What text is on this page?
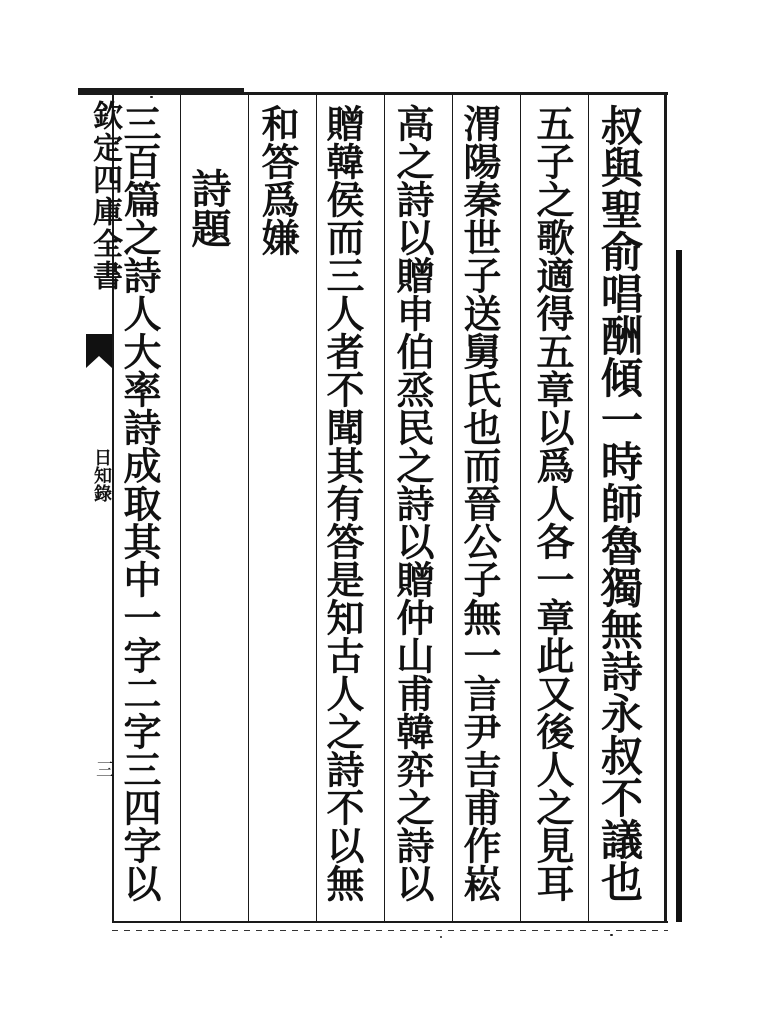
欽定四庫全書
日知錄
三	叔與聖俞唱酬傾一時師魯獨無詩永叔不議也
五子之歌適得五章以爲人各一章此又後人之見耳
渭陽秦世子送舅氏也而晉公子無一言尹吉甫作崧
高之詩以贈申伯烝民之詩以贈仲山甫韓弈之詩以
贈韓侯而三人者不聞其有答是知古人之詩不以無
和答爲嫌
詩題
三百篇之詩人大率詩成取其中一字二字三四字以
